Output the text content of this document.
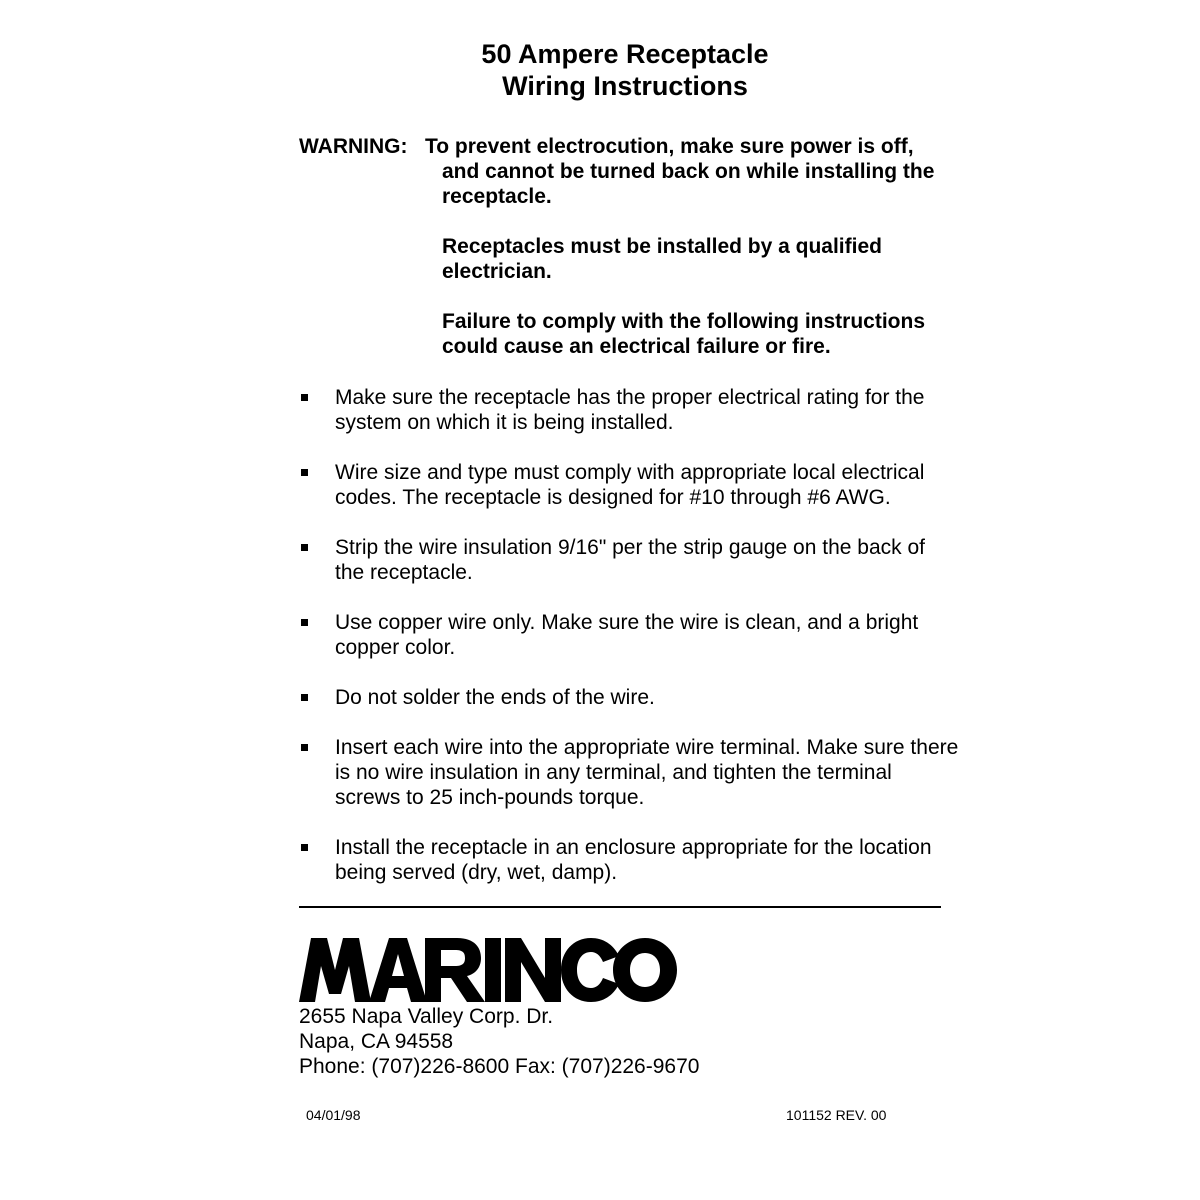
50 Ampere Receptacle
Wiring Instructions
WARNING: To prevent electrocution, make sure power is off,
and cannot be turned back on while installing the receptacle.
Receptacles must be installed by a qualified electrician.
Failure to comply with the following instructions could cause an electrical failure or fire.
Make sure the receptacle has the proper electrical rating for the system on which it is being installed.
Wire size and type must comply with appropriate local electrical codes. The receptacle is designed for #10 through #6 AWG.
Strip the wire insulation 9/16" per the strip gauge on the back of the receptacle.
Use copper wire only. Make sure the wire is clean, and a bright copper color.
Do not solder the ends of the wire.
Insert each wire into the appropriate wire terminal. Make sure there is no wire insulation in any terminal, and tighten the terminal screws to 25 inch-pounds torque.
Install the receptacle in an enclosure appropriate for the location being served (dry, wet, damp).
2655 Napa Valley Corp. Dr.
Napa, CA 94558
Phone: (707)226-8600 Fax: (707)226-9670
04/01/98	101152 REV. 00
